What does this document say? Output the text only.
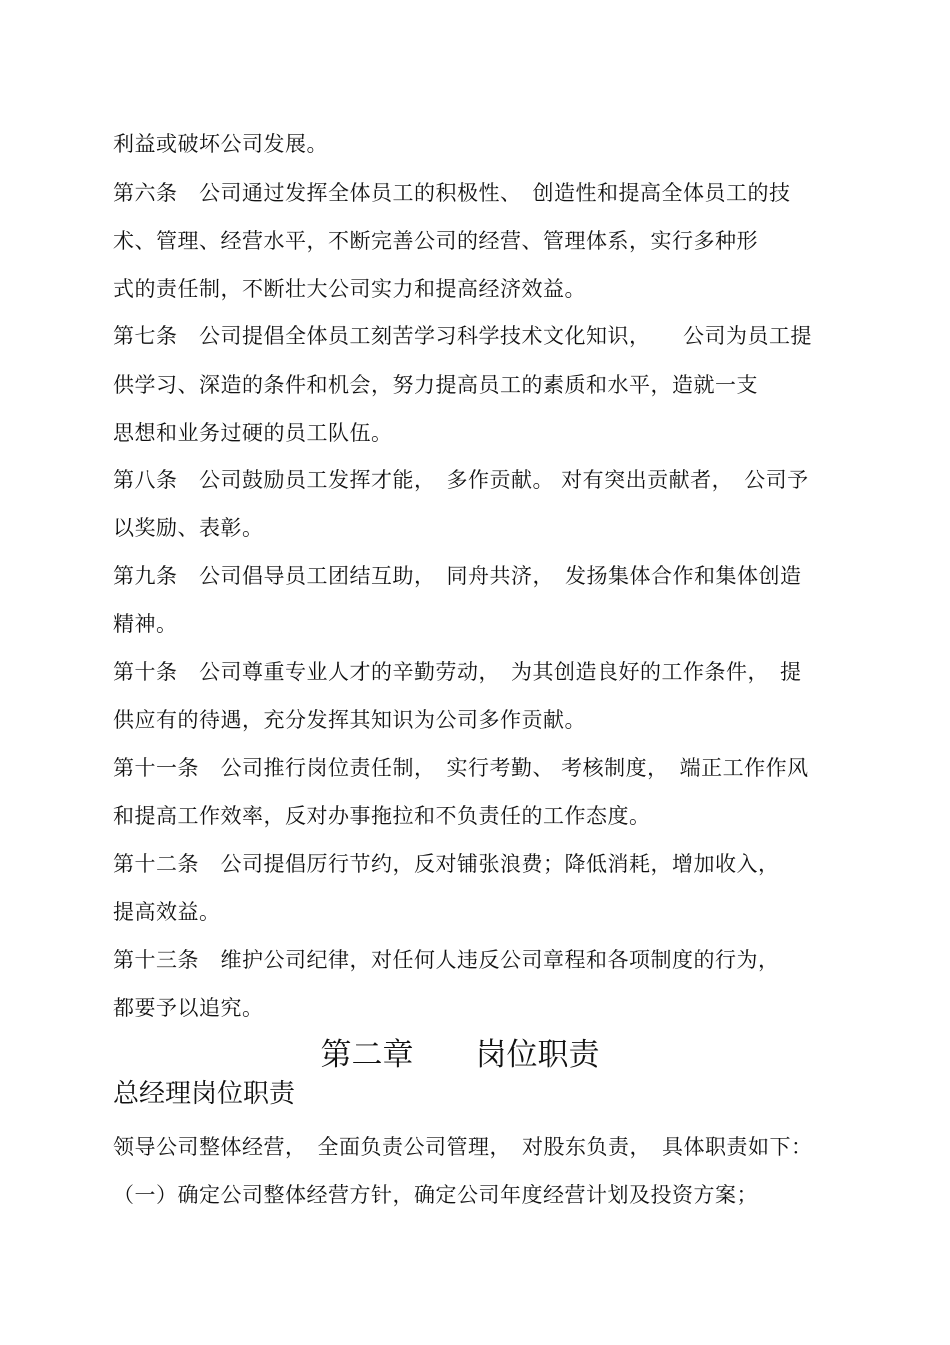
利益或破坏公司发展。
第六条　公司通过发挥全体员工的积极性、　创造性和提高全体员工的技
术、管理、经营水平，不断完善公司的经营、管理体系，实行多种形
式的责任制，不断壮大公司实力和提高经济效益。
第七条　公司提倡全体员工刻苦学习科学技术文化知识，　　公司为员工提
供学习、深造的条件和机会，努力提高员工的素质和水平，造就一支
思想和业务过硬的员工队伍。
第八条　公司鼓励员工发挥才能，　多作贡献。 对有突出贡献者，　公司予
以奖励、表彰。
第九条　公司倡导员工团结互助，　同舟共济，　发扬集体合作和集体创造
精神。
第十条　公司尊重专业人才的辛勤劳动，　为其创造良好的工作条件，　提
供应有的待遇，充分发挥其知识为公司多作贡献。
第十一条　公司推行岗位责任制，　实行考勤、 考核制度，　端正工作作风
和提高工作效率，反对办事拖拉和不负责任的工作态度。
第十二条　公司提倡厉行节约，反对铺张浪费；降低消耗，增加收入，
提高效益。
第十三条　维护公司纪律，对任何人违反公司章程和各项制度的行为，
都要予以追究。
第二章　　岗位职责
总经理岗位职责
领导公司整体经营，　全面负责公司管理，　对股东负责，　具体职责如下：
（一）确定公司整体经营方针，确定公司年度经营计划及投资方案；
